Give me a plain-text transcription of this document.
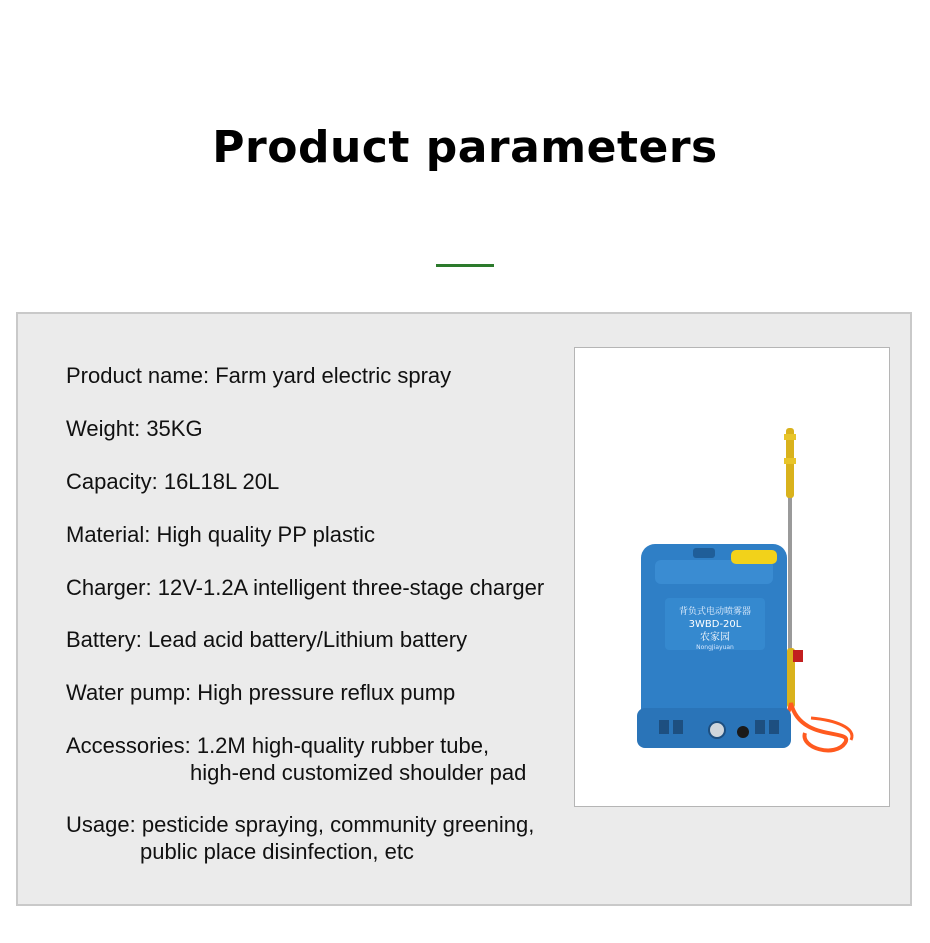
Product parameters
Product name: Farm yard electric spray
Weight: 35KG
Capacity: 16L18L 20L
Material: High quality PP plastic
Charger: 12V-1.2A intelligent three-stage charger
Battery: Lead acid battery/Lithium battery
Water pump: High pressure reflux pump
Accessories: 1.2M high-quality rubber tube,
high-end customized shoulder pad
Usage: pesticide spraying, community greening,
public place disinfection, etc
背负式电动喷雾器
3WBD-20L
农家园
NongJiayuan
